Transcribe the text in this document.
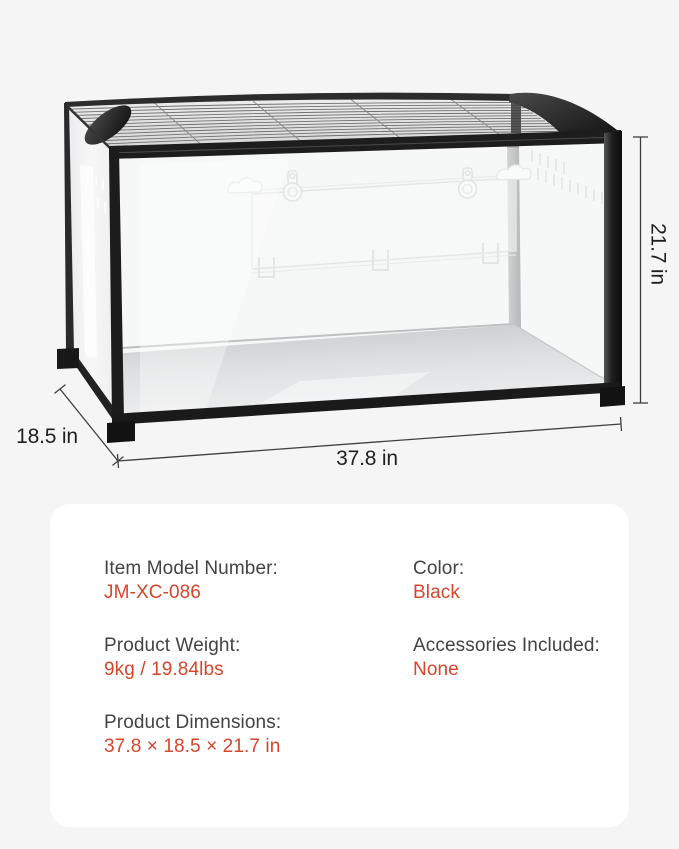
21.7 in
18.5 in
37.8 in
Item Model Number:
JM-XC-086
Product Weight:
9kg / 19.84lbs
Product Dimensions:
37.8 × 18.5 × 21.7 in
Color:
Black
Accessories Included:
None
